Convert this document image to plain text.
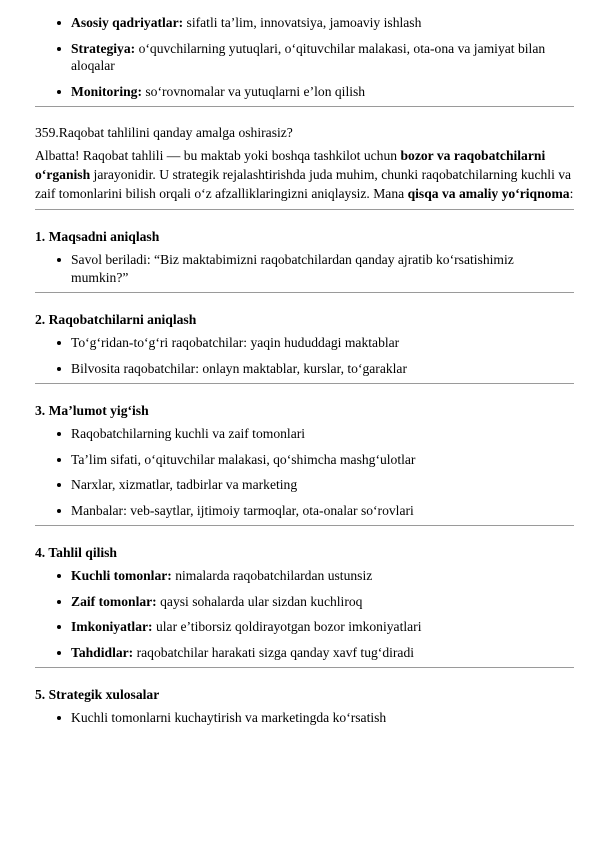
Asosiy qadriyatlar: sifatli ta’lim, innovatsiya, jamoaviy ishlash
Strategiya: o‘quvchilarning yutuqlari, o‘qituvchilar malakasi, ota-ona va jamiyat bilan aloqalar
Monitoring: so‘rovnomalar va yutuqlarni e’lon qilish
359.Raqobat tahlilini qanday amalga oshirasiz?
Albatta! Raqobat tahlili — bu maktab yoki boshqa tashkilot uchun bozor va raqobatchilarni o‘rganish jarayonidir. U strategik rejalashtirishda juda muhim, chunki raqobatchilarning kuchli va zaif tomonlarini bilish orqali o‘z afzalliklaringizni aniqlaysiz. Mana qisqa va amaliy yo‘riqnoma:
1. Maqsadni aniqlash
Savol beriladi: “Biz maktabimizni raqobatchilardan qanday ajratib ko‘rsatishimiz mumkin?”
2. Raqobatchilarni aniqlash
To‘g‘ridan-to‘g‘ri raqobatchilar: yaqin hududdagi maktablar
Bilvosita raqobatchilar: onlayn maktablar, kurslar, to‘garaklar
3. Ma’lumot yig‘ish
Raqobatchilarning kuchli va zaif tomonlari
Ta’lim sifati, o‘qituvchilar malakasi, qo‘shimcha mashg‘ulotlar
Narxlar, xizmatlar, tadbirlar va marketing
Manbalar: veb-saytlar, ijtimoiy tarmoqlar, ota-onalar so‘rovlari
4. Tahlil qilish
Kuchli tomonlar: nimalarda raqobatchilardan ustunsiz
Zaif tomonlar: qaysi sohalarda ular sizdan kuchliroq
Imkoniyatlar: ular e’tiborsiz qoldirayotgan bozor imkoniyatlari
Tahdidlar: raqobatchilar harakati sizga qanday xavf tug‘diradi
5. Strategik xulosalar
Kuchli tomonlarni kuchaytirish va marketingda ko‘rsatish
